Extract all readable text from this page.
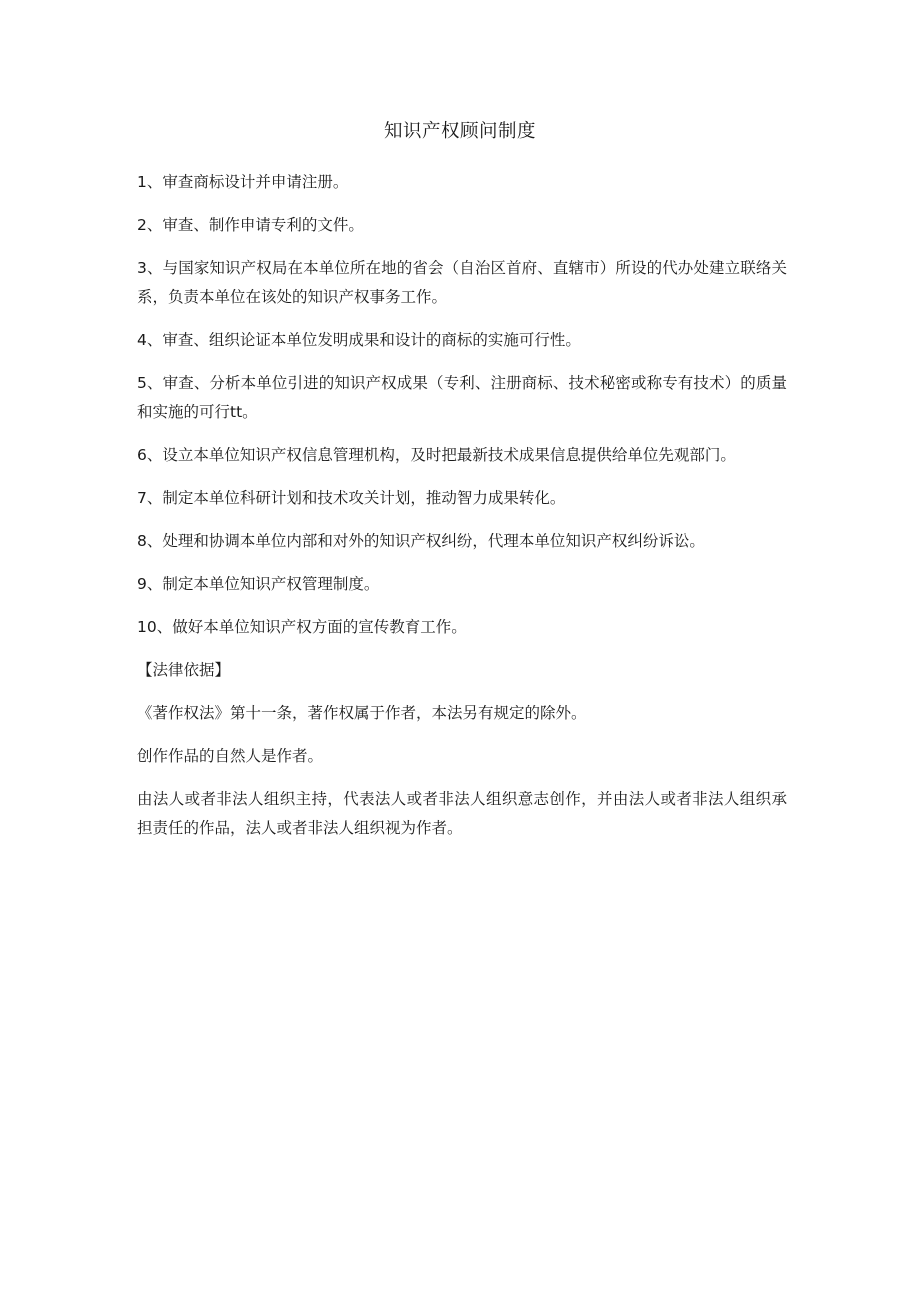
知识产权顾问制度

1、审查商标设计并申请注册。

2、审查、制作申请专利的文件。

3、与国家知识产权局在本单位所在地的省会（自治区首府、直辖市）所设的代办处建立联络关系，负责本单位在该处的知识产权事务工作。

4、审查、组织论证本单位发明成果和设计的商标的实施可行性。

5、审查、分析本单位引进的知识产权成果（专利、注册商标、技术秘密或称专有技术）的质量和实施的可行tt。

6、设立本单位知识产权信息管理机构，及时把最新技术成果信息提供给单位先观部门。

7、制定本单位科研计划和技术攻关计划，推动智力成果转化。

8、处理和协调本单位内部和对外的知识产权纠纷，代理本单位知识产权纠纷诉讼。

9、制定本单位知识产权管理制度。

10、做好本单位知识产权方面的宣传教育工作。

【法律依据】

《著作权法》第十一条，著作权属于作者，本法另有规定的除外。

创作作品的自然人是作者。

由法人或者非法人组织主持，代表法人或者非法人组织意志创作，并由法人或者非法人组织承担责任的作品，法人或者非法人组织视为作者。
